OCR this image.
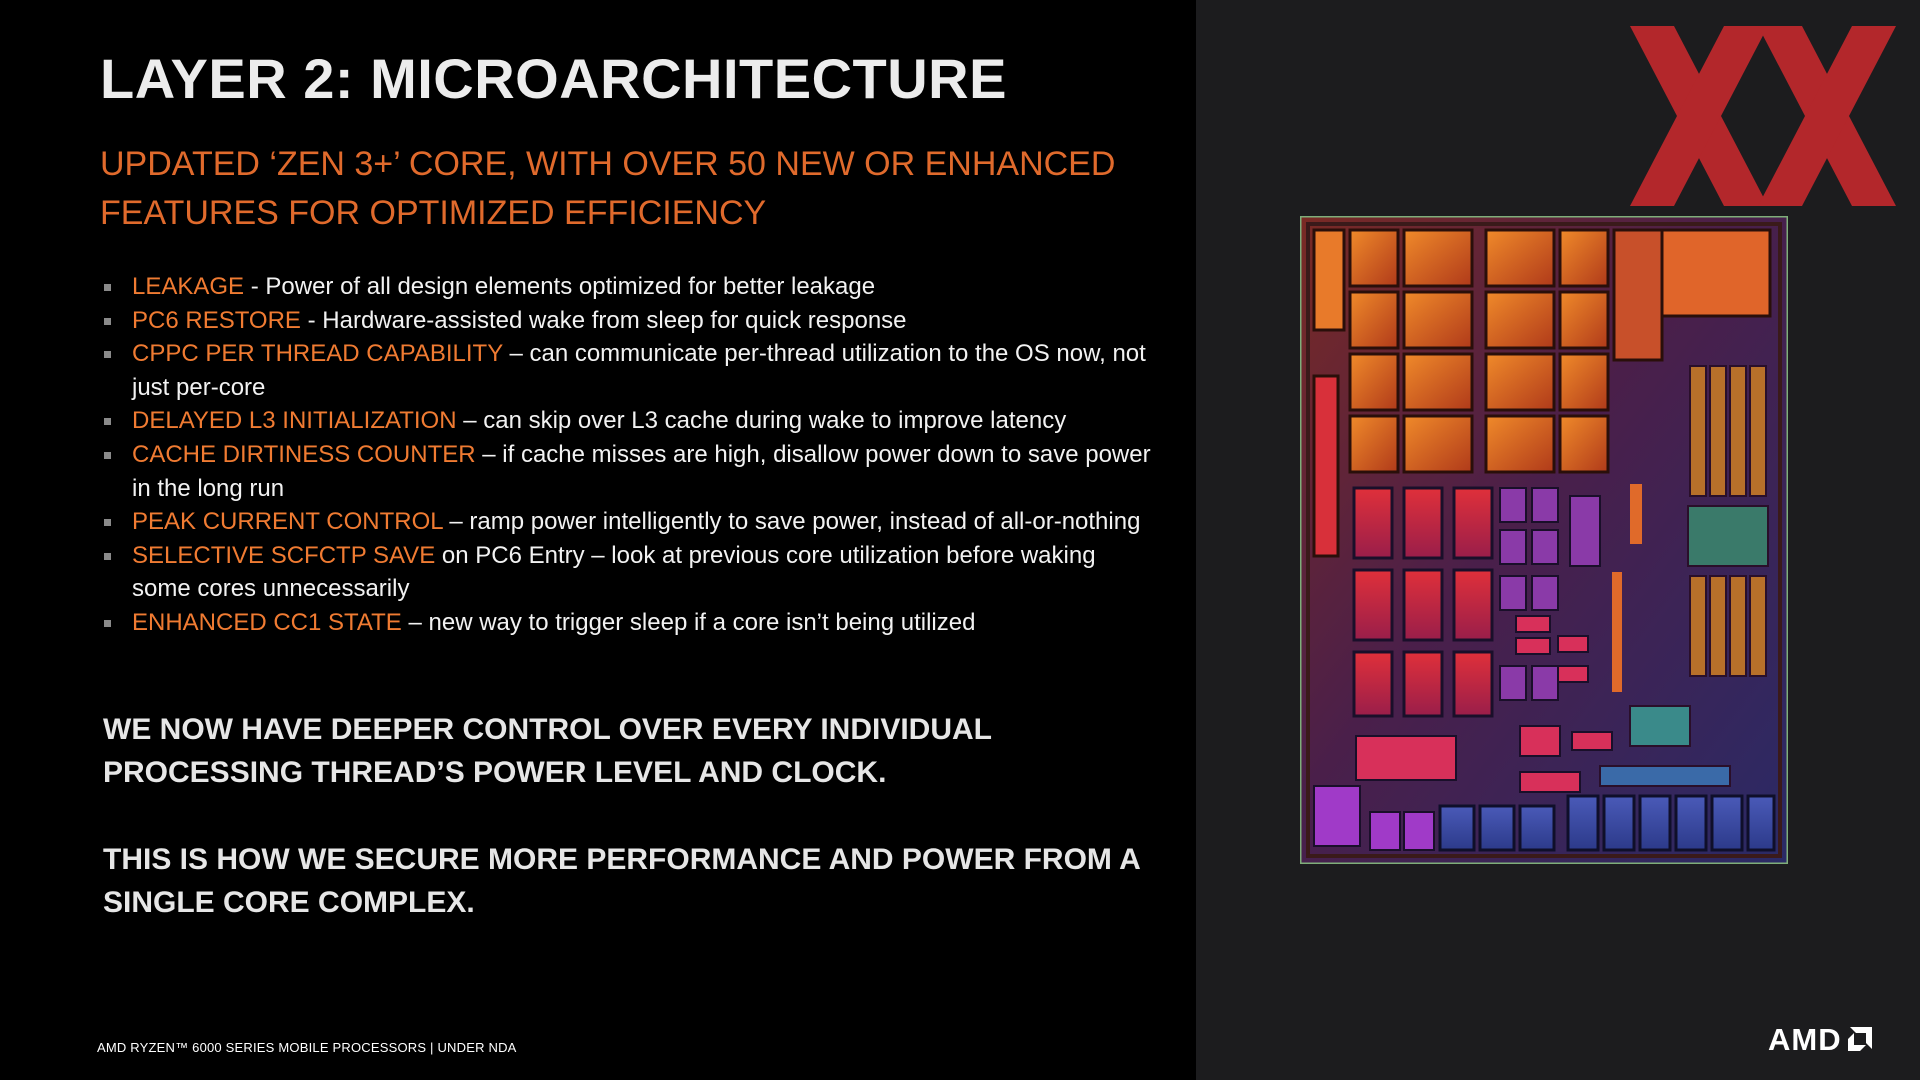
LAYER 2: MICROARCHITECTURE
UPDATED ‘ZEN 3+’ CORE, WITH OVER 50 NEW OR ENHANCED
FEATURES FOR OPTIMIZED EFFICIENCY
LEAKAGE - Power of all design elements optimized for better leakage
PC6 RESTORE - Hardware-assisted wake from sleep for quick response
CPPC PER THREAD CAPABILITY – can communicate per-thread utilization to the OS now, not just per-core
DELAYED L3 INITIALIZATION – can skip over L3 cache during wake to improve latency
CACHE DIRTINESS COUNTER – if cache misses are high, disallow power down to save power in the long run
PEAK CURRENT CONTROL – ramp power intelligently to save power, instead of all-or-nothing
SELECTIVE SCFCTP SAVE on PC6 Entry – look at previous core utilization before waking some cores unnecessarily
ENHANCED CC1 STATE – new way to trigger sleep if a core isn’t being utilized

WE NOW HAVE DEEPER CONTROL OVER EVERY INDIVIDUAL
PROCESSING THREAD’S POWER LEVEL AND CLOCK.

THIS IS HOW WE SECURE MORE PERFORMANCE AND POWER FROM A
SINGLE CORE COMPLEX.

AMD RYZEN™ 6000 SERIES MOBILE PROCESSORS | UNDER NDA	AMD
